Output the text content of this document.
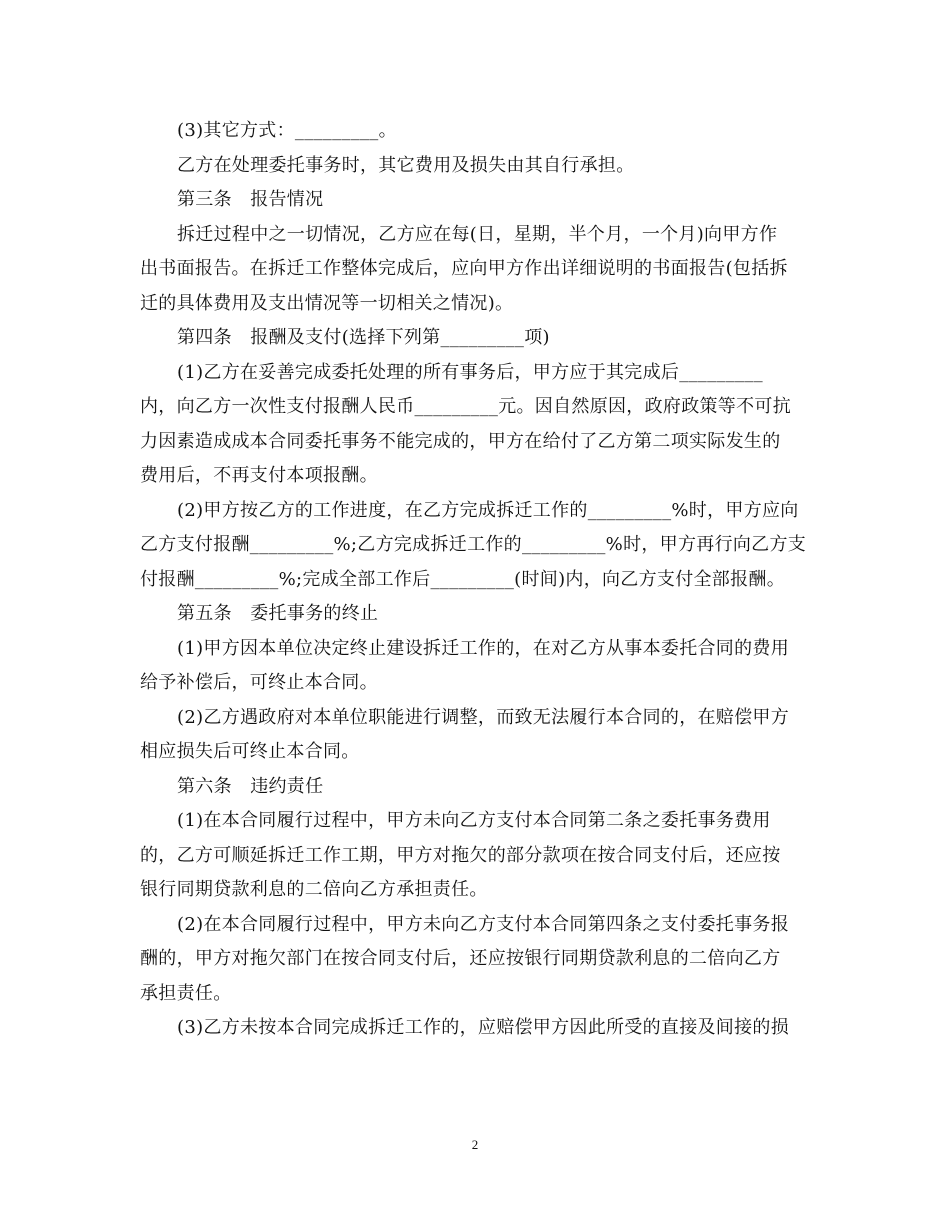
(3)其它方式：_________。
乙方在处理委托事务时，其它费用及损失由其自行承担。
第三条　报告情况
拆迁过程中之一切情况，乙方应在每(日，星期，半个月，一个月)向甲方作
出书面报告。在拆迁工作整体完成后，应向甲方作出详细说明的书面报告(包括拆
迁的具体费用及支出情况等一切相关之情况)。
第四条　报酬及支付(选择下列第_________项)
(1)乙方在妥善完成委托处理的所有事务后，甲方应于其完成后_________
内，向乙方一次性支付报酬人民币_________元。因自然原因，政府政策等不可抗
力因素造成成本合同委托事务不能完成的，甲方在给付了乙方第二项实际发生的
费用后，不再支付本项报酬。
(2)甲方按乙方的工作进度，在乙方完成拆迁工作的_________%时，甲方应向
乙方支付报酬_________%;乙方完成拆迁工作的_________%时，甲方再行向乙方支
付报酬_________%;完成全部工作后_________(时间)内，向乙方支付全部报酬。
第五条　委托事务的终止
(1)甲方因本单位决定终止建设拆迁工作的，在对乙方从事本委托合同的费用
给予补偿后，可终止本合同。
(2)乙方遇政府对本单位职能进行调整，而致无法履行本合同的，在赔偿甲方
相应损失后可终止本合同。
第六条　违约责任
(1)在本合同履行过程中，甲方未向乙方支付本合同第二条之委托事务费用
的，乙方可顺延拆迁工作工期，甲方对拖欠的部分款项在按合同支付后，还应按
银行同期贷款利息的二倍向乙方承担责任。
(2)在本合同履行过程中，甲方未向乙方支付本合同第四条之支付委托事务报
酬的，甲方对拖欠部门在按合同支付后，还应按银行同期贷款利息的二倍向乙方
承担责任。
(3)乙方未按本合同完成拆迁工作的，应赔偿甲方因此所受的直接及间接的损
2
